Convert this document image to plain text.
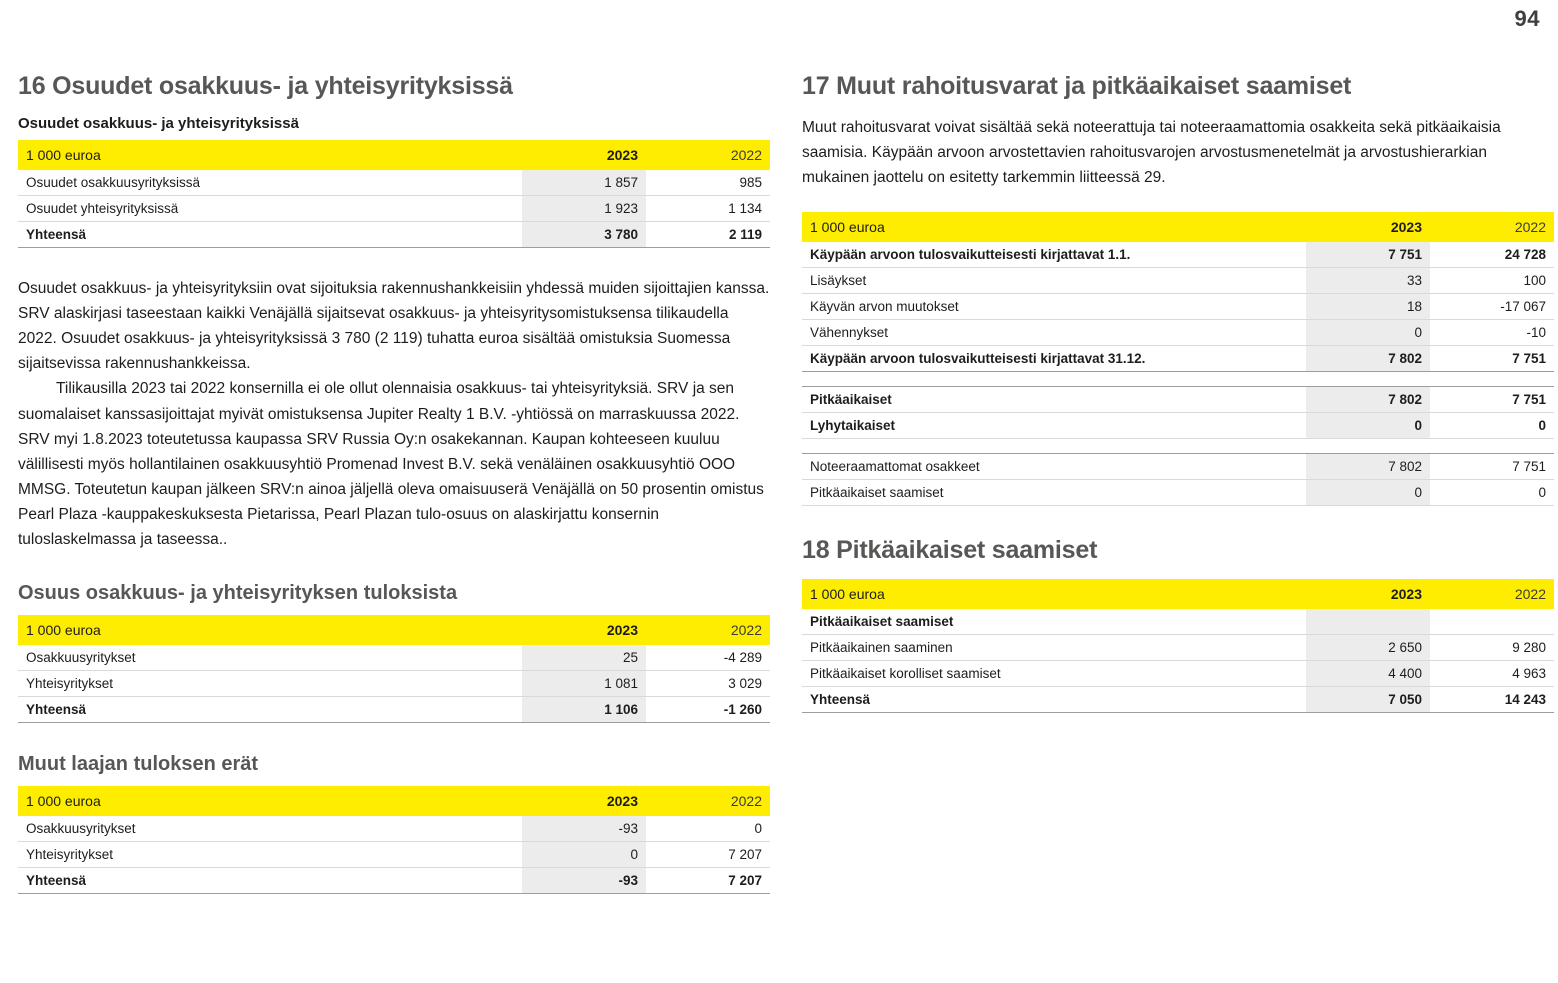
94
16 Osuudet osakkuus- ja yhteisyrityksissä
Osuudet osakkuus- ja yhteisyrityksissä
1 000 euroa	2023	2022
Osuudet osakkuusyrityksissä	1 857	985
Osuudet yhteisyrityksissä	1 923	1 134
Yhteensä	3 780	2 119

Osuudet osakkuus- ja yhteisyrityksiin ovat sijoituksia rakennushankkeisiin yhdessä muiden sijoittajien kanssa. SRV alaskirjasi taseestaan kaikki Venäjällä sijaitsevat osakkuus- ja yhteisyritysomistuksensa tilikaudella 2022. Osuudet osakkuus- ja yhteisyrityksissä 3 780 (2 119) tuhatta euroa sisältää omistuksia Suomessa sijaitsevissa rakennushankkeissa.

Tilikausilla 2023 tai 2022 konsernilla ei ole ollut olennaisia osakkuus- tai yhteisyrityksiä. SRV ja sen suomalaiset kanssasijoittajat myivät omistuksensa Jupiter Realty 1 B.V. -yhtiössä on marraskuussa 2022. SRV myi 1.8.2023 toteutetussa kaupassa SRV Russia Oy:n osakekannan. Kaupan kohteeseen kuuluu välillisesti myös hollantilainen osakkuusyhtiö Promenad Invest B.V. sekä venäläinen osakkuusyhtiö OOO MMSG. Toteutetun kaupan jälkeen SRV:n ainoa jäljellä oleva omaisuuserä Venäjällä on 50 prosentin omistus Pearl Plaza -kauppakeskuksesta Pietarissa, Pearl Plazan tulo-osuus on alaskirjattu konsernin tuloslaskelmassa ja taseessa..

Osuus osakkuus- ja yhteisyrityksen tuloksista
1 000 euroa	2023	2022
Osakkuusyritykset	25	-4 289
Yhteisyritykset	1 081	3 029
Yhteensä	1 106	-1 260
Muut laajan tuloksen erät
1 000 euroa	2023	2022
Osakkuusyritykset	-93	0
Yhteisyritykset	0	7 207
Yhteensä	-93	7 207
17 Muut rahoitusvarat ja pitkäaikaiset saamiset

Muut rahoitusvarat voivat sisältää sekä noteerattuja tai noteeraamattomia osakkeita sekä pitkäaikaisia saamisia. Käypään arvoon arvostettavien rahoitusvarojen arvostusmenetelmät ja arvostushierarkian mukainen jaottelu on esitetty tarkemmin liitteessä 29.

1 000 euroa	2023	2022
Käypään arvoon tulosvaikutteisesti kirjattavat 1.1.	7 751	24 728
Lisäykset	33	100
Käyvän arvon muutokset	18	-17 067
Vähennykset	0	-10
Käypään arvoon tulosvaikutteisesti kirjattavat 31.12.	7 802	7 751

Pitkäaikaiset	7 802	7 751
Lyhytaikaiset	0	0

Noteeraamattomat osakkeet	7 802	7 751
Pitkäaikaiset saamiset	0	0
18 Pitkäaikaiset saamiset
1 000 euroa	2023	2022
Pitkäaikaiset saamiset		
Pitkäaikainen saaminen	2 650	9 280
Pitkäaikaiset korolliset saamiset	4 400	4 963
Yhteensä	7 050	14 243
